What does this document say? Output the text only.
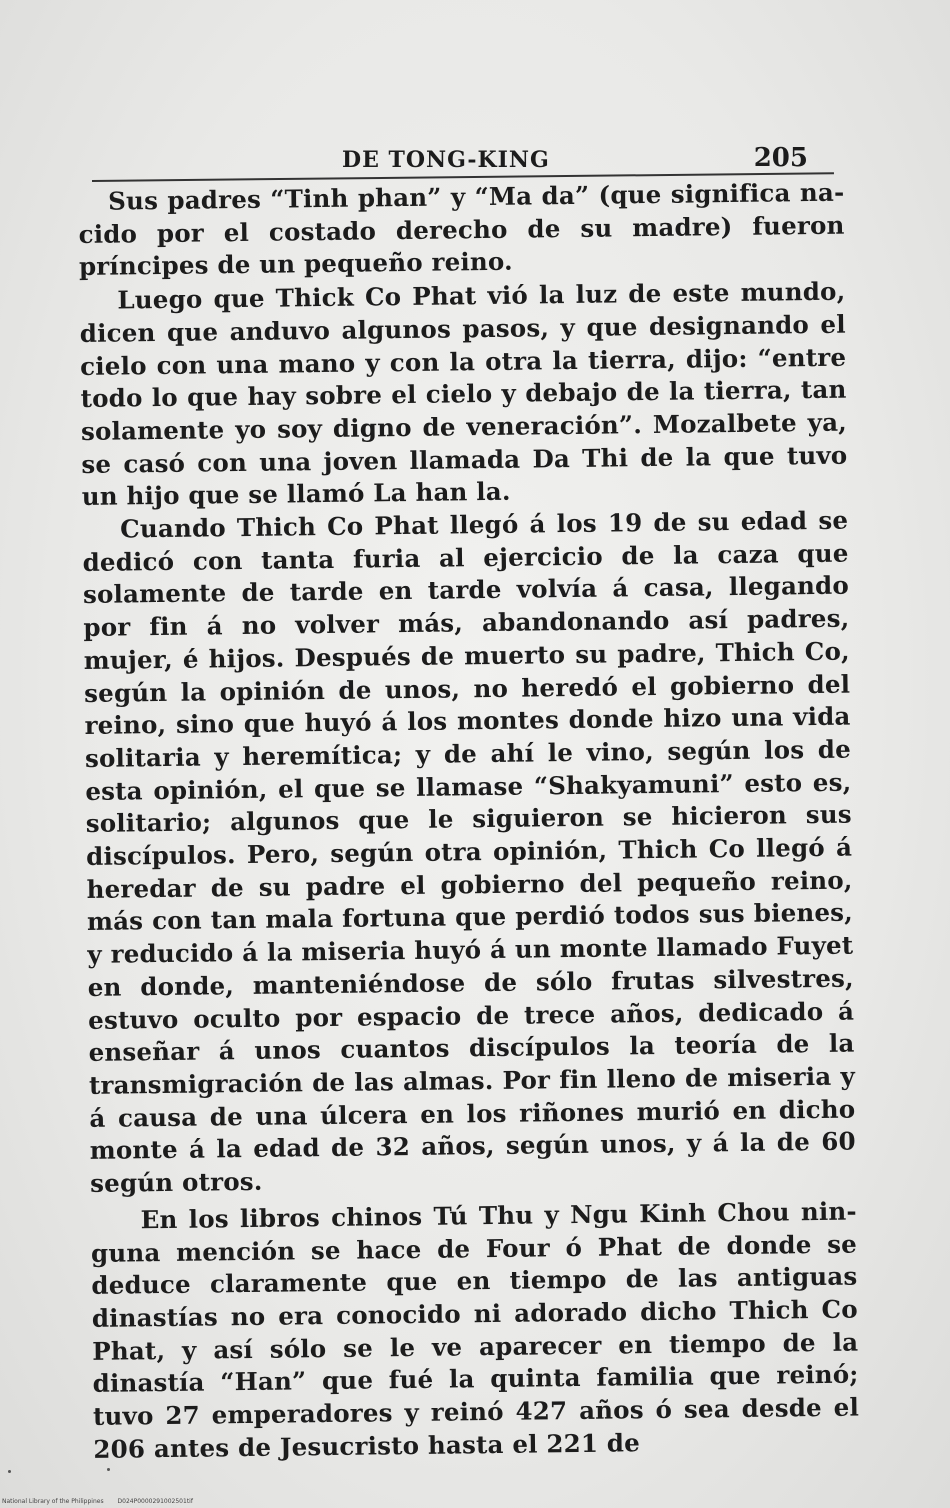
DE TONG-KING	205

Sus padres “Tinh phan” y “Ma da” (que significa nacido por el costado derecho de su madre) fueron príncipes de un pequeño reino.

Luego que Thick Co Phat vió la luz de este mundo, dicen que anduvo algunos pasos, y que designando el cielo con una mano y con la otra la tierra, dijo: “entre todo lo que hay sobre el cielo y debajo de la tierra, tan solamente yo soy digno de veneración”. Mozalbete ya, se casó con una joven llamada Da Thi de la que tuvo un hijo que se llamó La han la.

Cuando Thich Co Phat llegó á los 19 de su edad se dedicó con tanta furia al ejercicio de la caza que solamente de tarde en tarde volvía á casa, llegando por fin á no volver más, abandonando así padres, mujer, é hijos. Después de muerto su padre, Thich Co, según la opinión de unos, no heredó el gobierno del reino, sino que huyó á los montes donde hizo una vida solitaria y heremítica; y de ahí le vino, según los de esta opinión, el que se llamase “Shakyamuni” esto es, solitario; algunos que le siguieron se hicieron sus discípulos. Pero, según otra opinión, Thich Co llegó á heredar de su padre el gobierno del pequeño reino, más con tan mala fortuna que perdió todos sus bienes, y reducido á la miseria huyó á un monte llamado Fuyet en donde, manteniéndose de sólo frutas silvestres, estuvo oculto por espacio de trece años, dedicado á enseñar á unos cuantos discípulos la teoría de la transmigración de las almas. Por fin lleno de miseria y á causa de una úlcera en los riñones murió en dicho monte á la edad de 32 años, según unos, y á la de 60 según otros.

En los libros chinos Tú Thu y Ngu Kinh Chou ninguna mención se hace de Four ó Phat de donde se deduce claramente que en tiempo de las antiguas dinastías no era conocido ni adorado dicho Thich Co Phat, y así sólo se le ve aparecer en tiempo de la dinastía “Han” que fué la quinta familia que reinó; tuvo 27 emperadores y reinó 427 años ó sea desde el 206 antes de Jesucristo hasta el 221 de

National Library of the Philippines D024P0000291002501tif
